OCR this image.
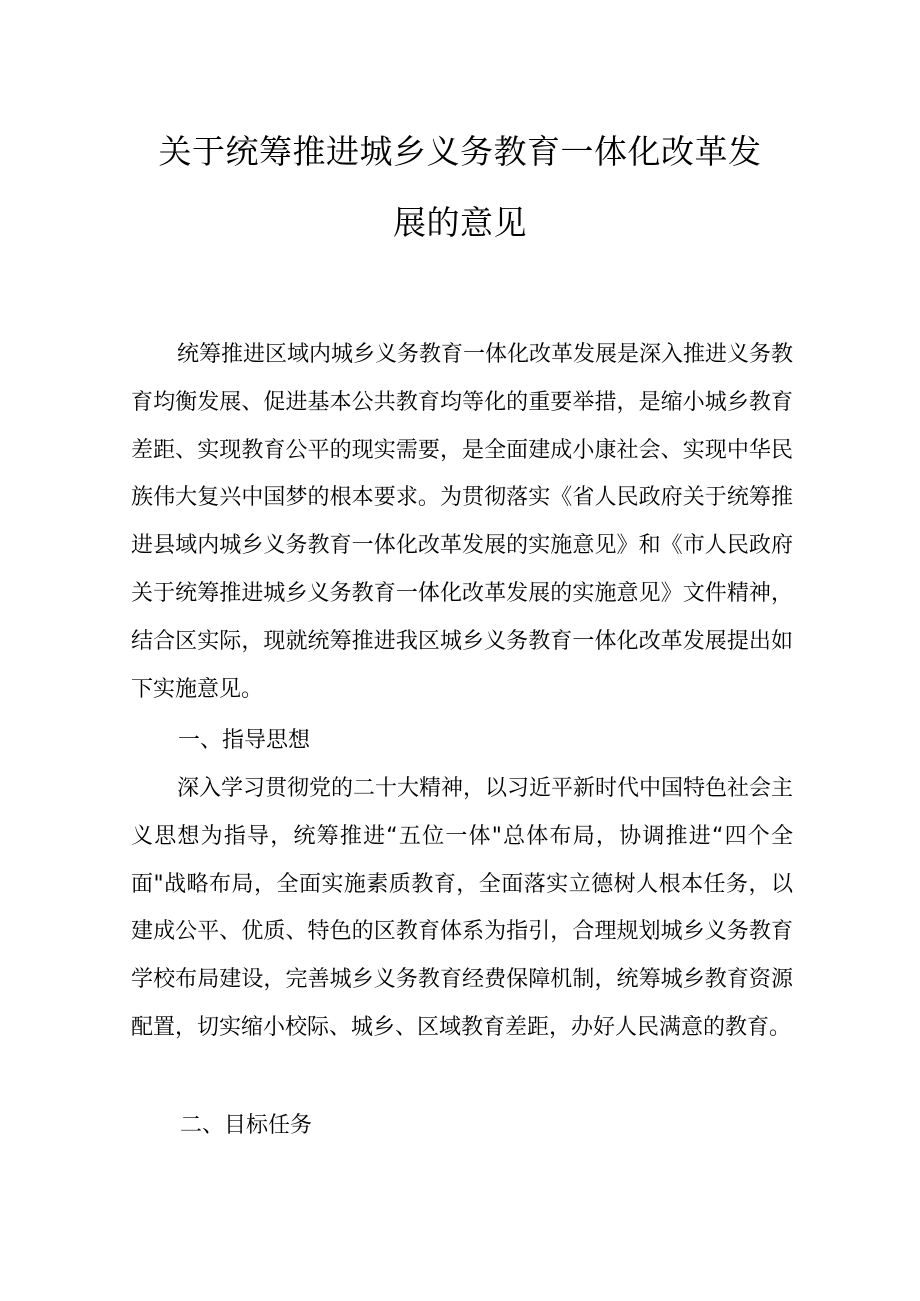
关于统筹推进城乡义务教育一体化改革发
展的意见

统筹推进区域内城乡义务教育一体化改革发展是深入推进义务教育均衡发展、促进基本公共教育均等化的重要举措，是缩小城乡教育差距、实现教育公平的现实需要，是全面建成小康社会、实现中华民族伟大复兴中国梦的根本要求。为贯彻落实《省人民政府关于统筹推进县域内城乡义务教育一体化改革发展的实施意见》和《市人民政府关于统筹推进城乡义务教育一体化改革发展的实施意见》文件精神，结合区实际，现就统筹推进我区城乡义务教育一体化改革发展提出如下实施意见。

一、指导思想

深入学习贯彻党的二十大精神，以习近平新时代中国特色社会主义思想为指导，统筹推进“五位一体"总体布局，协调推进“四个全面"战略布局，全面实施素质教育，全面落实立德树人根本任务，以建成公平、优质、特色的区教育体系为指引，合理规划城乡义务教育学校布局建设，完善城乡义务教育经费保障机制，统筹城乡教育资源配置，切实缩小校际、城乡、区域教育差距，办好人民满意的教育。

二、目标任务
